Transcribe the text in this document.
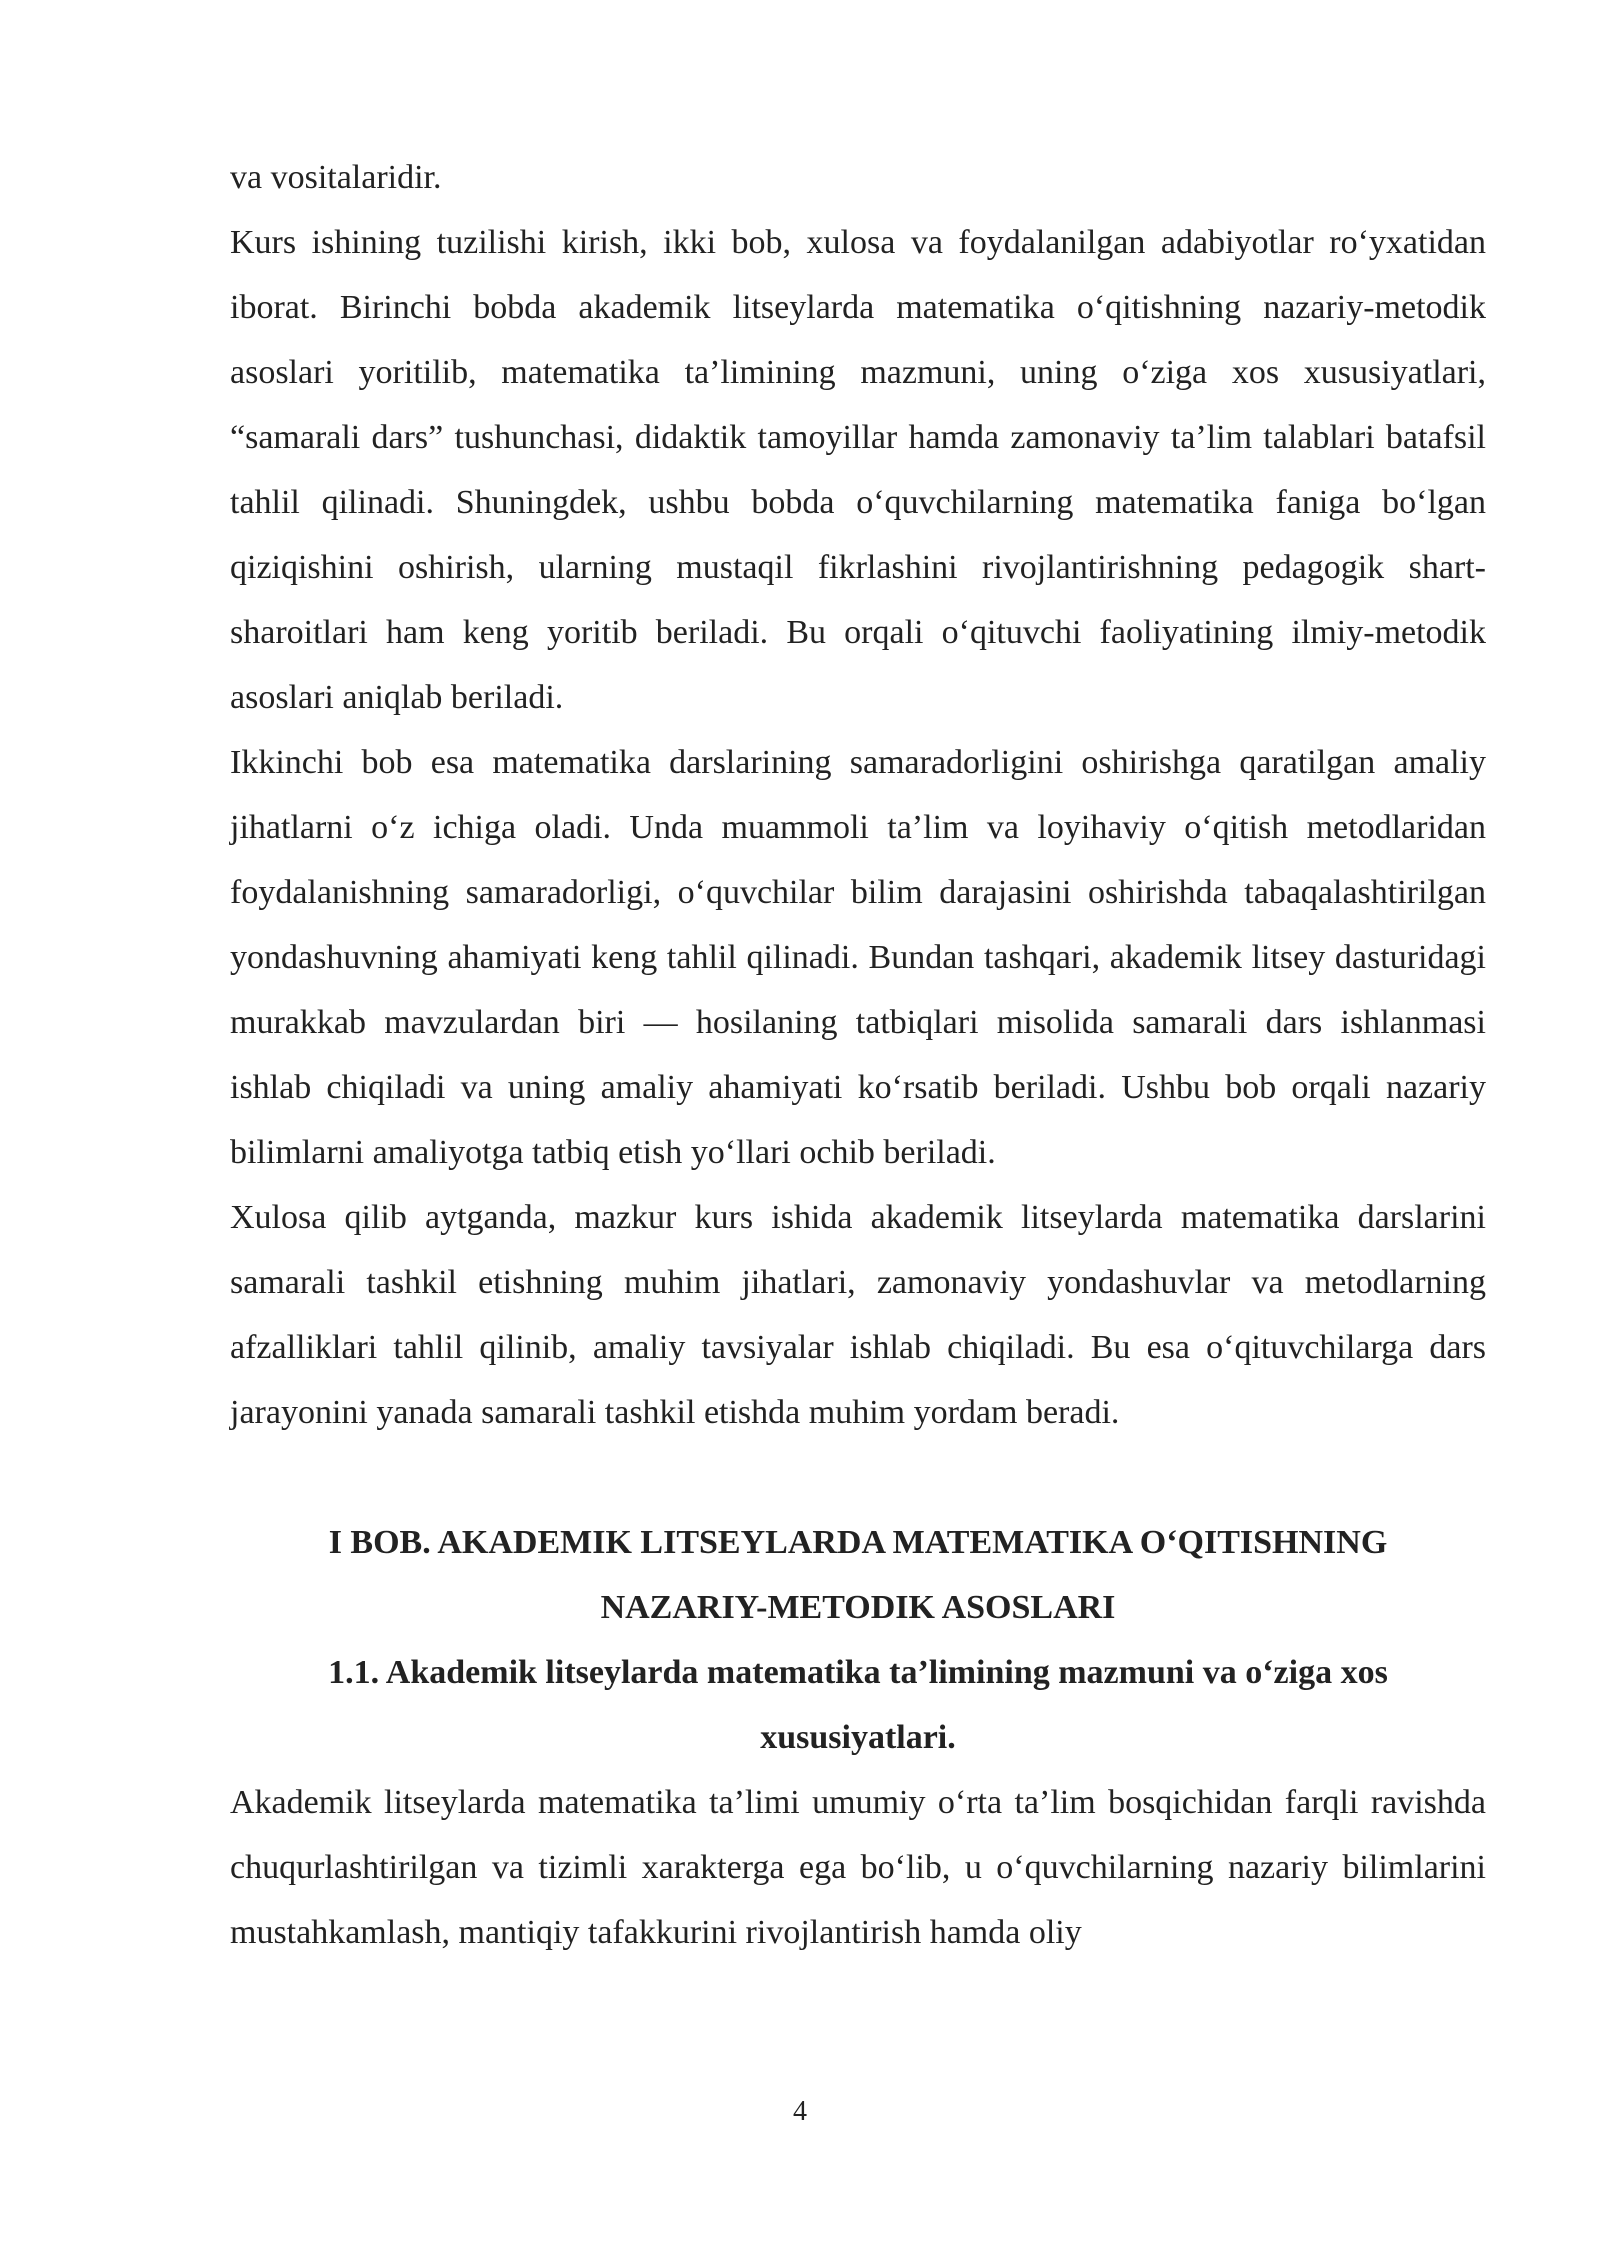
va vositalaridir.

Kurs ishining tuzilishi kirish, ikki bob, xulosa va foydalanilgan adabiyotlar roʻyxatidan iborat. Birinchi bobda akademik litseylarda matematika oʻqitishning nazariy-metodik asoslari yoritilib, matematika ta’limining mazmuni, uning oʻziga xos xususiyatlari, “samarali dars” tushunchasi, didaktik tamoyillar hamda zamonaviy ta’lim talablari batafsil tahlil qilinadi. Shuningdek, ushbu bobda oʻquvchilarning matematika faniga boʻlgan qiziqishini oshirish, ularning mustaqil fikrlashini rivojlantirishning pedagogik shart-sharoitlari ham keng yoritib beriladi. Bu orqali oʻqituvchi faoliyatining ilmiy-metodik asoslari aniqlab beriladi.

Ikkinchi bob esa matematika darslarining samaradorligini oshirishga qaratilgan amaliy jihatlarni oʻz ichiga oladi. Unda muammoli ta’lim va loyihaviy oʻqitish metodlaridan foydalanishning samaradorligi, oʻquvchilar bilim darajasini oshirishda tabaqalashtirilgan yondashuvning ahamiyati keng tahlil qilinadi. Bundan tashqari, akademik litsey dasturidagi murakkab mavzulardan biri — hosilaning tatbiqlari misolida samarali dars ishlanmasi ishlab chiqiladi va uning amaliy ahamiyati koʻrsatib beriladi. Ushbu bob orqali nazariy bilimlarni amaliyotga tatbiq etish yoʻllari ochib beriladi.

Xulosa qilib aytganda, mazkur kurs ishida akademik litseylarda matematika darslarini samarali tashkil etishning muhim jihatlari, zamonaviy yondashuvlar va metodlarning afzalliklari tahlil qilinib, amaliy tavsiyalar ishlab chiqiladi. Bu esa oʻqituvchilarga dars jarayonini yanada samarali tashkil etishda muhim yordam beradi.

I BOB. AKADEMIK LITSEYLARDA MATEMATIKA OʻQITISHNING
NAZARIY-METODIK ASOSLARI
1.1. Akademik litseylarda matematika ta’limining mazmuni va oʻziga xos
xususiyatlari.

Akademik litseylarda matematika ta’limi umumiy oʻrta ta’lim bosqichidan farqli ravishda chuqurlashtirilgan va tizimli xarakterga ega boʻlib, u oʻquvchilarning nazariy bilimlarini mustahkamlash, mantiqiy tafakkurini rivojlantirish hamda oliy

4
